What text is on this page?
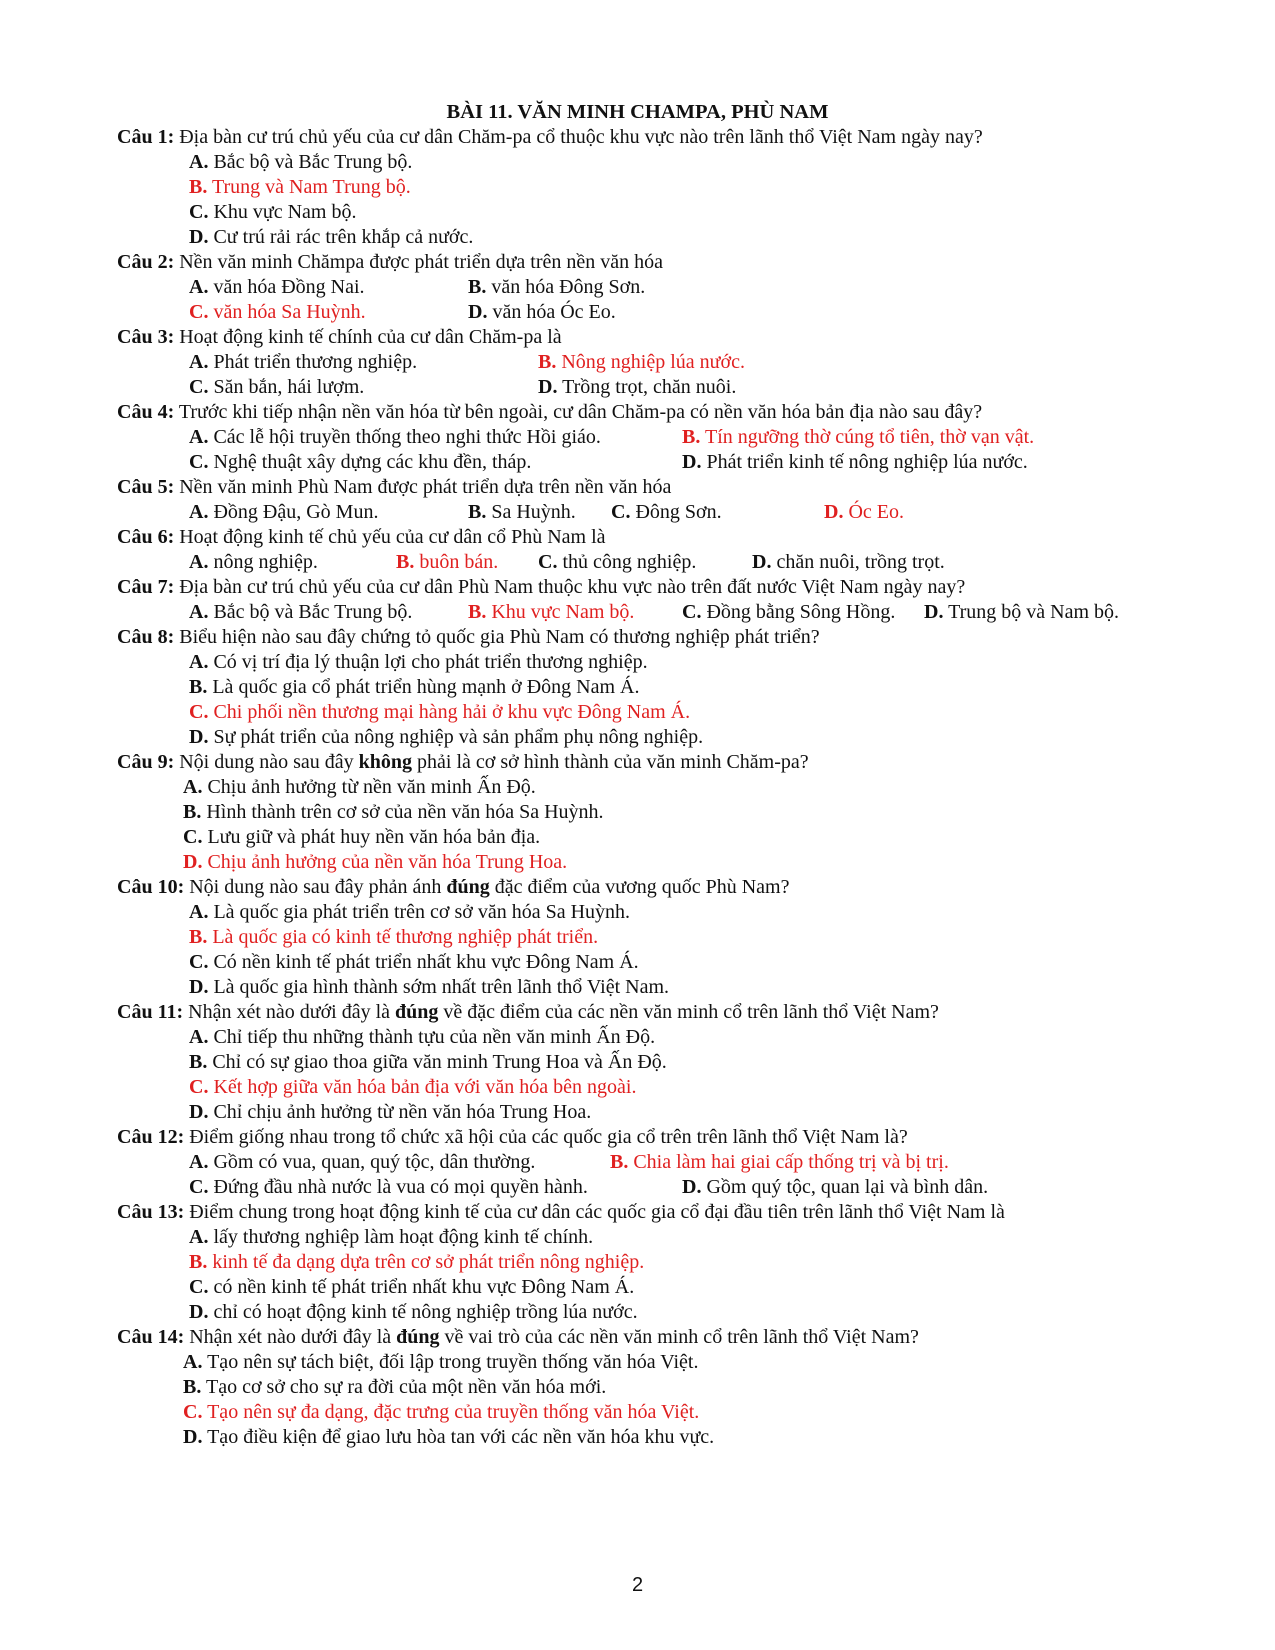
BÀI 11. VĂN MINH CHAMPA, PHÙ NAM
Câu 1: Địa bàn cư trú chủ yếu của cư dân Chăm-pa cổ thuộc khu vực nào trên lãnh thổ Việt Nam ngày nay?
A. Bắc bộ và Bắc Trung bộ.
B. Trung và Nam Trung bộ.
C. Khu vực Nam bộ.
D. Cư trú rải rác trên khắp cả nước.
Câu 2: Nền văn minh Chămpa được phát triển dựa trên nền văn hóa
A. văn hóa Đồng Nai.	B. văn hóa Đông Sơn.
C. văn hóa Sa Huỳnh.	D. văn hóa Óc Eo.
Câu 3: Hoạt động kinh tế chính của cư dân Chăm-pa là
A. Phát triển thương nghiệp.	B. Nông nghiệp lúa nước.
C. Săn bắn, hái lượm.	D. Trồng trọt, chăn nuôi.
Câu 4: Trước khi tiếp nhận nền văn hóa từ bên ngoài, cư dân Chăm-pa có nền văn hóa bản địa nào sau đây?
A. Các lễ hội truyền thống theo nghi thức Hồi giáo.	B. Tín ngưỡng thờ cúng tổ tiên, thờ vạn vật.
C. Nghệ thuật xây dựng các khu đền, tháp.	D. Phát triển kinh tế nông nghiệp lúa nước.
Câu 5: Nền văn minh Phù Nam được phát triển dựa trên nền văn hóa
A. Đồng Đậu, Gò Mun.	B. Sa Huỳnh. C. Đông Sơn.	D. Óc Eo.
Câu 6: Hoạt động kinh tế chủ yếu của cư dân cổ Phù Nam là
A. nông nghiệp.	B. buôn bán. C. thủ công nghiệp.	D. chăn nuôi, trồng trọt.
Câu 7: Địa bàn cư trú chủ yếu của cư dân Phù Nam thuộc khu vực nào trên đất nước Việt Nam ngày nay?
A. Bắc bộ và Bắc Trung bộ.	B. Khu vực Nam bộ. C. Đồng bằng Sông Hồng. D. Trung bộ và Nam bộ.
Câu 8: Biểu hiện nào sau đây chứng tỏ quốc gia Phù Nam có thương nghiệp phát triển?
A. Có vị trí địa lý thuận lợi cho phát triển thương nghiệp.
B. Là quốc gia cổ phát triển hùng mạnh ở Đông Nam Á.
C. Chi phối nền thương mại hàng hải ở khu vực Đông Nam Á.
D. Sự phát triển của nông nghiệp và sản phẩm phụ nông nghiệp.
Câu 9: Nội dung nào sau đây không phải là cơ sở hình thành của văn minh Chăm-pa?
A. Chịu ảnh hưởng từ nền văn minh Ấn Độ.
B. Hình thành trên cơ sở của nền văn hóa Sa Huỳnh.
C. Lưu giữ và phát huy nền văn hóa bản địa.
D. Chịu ảnh hưởng của nền văn hóa Trung Hoa.
Câu 10: Nội dung nào sau đây phản ánh đúng đặc điểm của vương quốc Phù Nam?
A. Là quốc gia phát triển trên cơ sở văn hóa Sa Huỳnh.
B. Là quốc gia có kinh tế thương nghiệp phát triển.
C. Có nền kinh tế phát triển nhất khu vực Đông Nam Á.
D. Là quốc gia hình thành sớm nhất trên lãnh thổ Việt Nam.
Câu 11: Nhận xét nào dưới đây là đúng về đặc điểm của các nền văn minh cổ trên lãnh thổ Việt Nam?
A. Chỉ tiếp thu những thành tựu của nền văn minh Ấn Độ.
B. Chỉ có sự giao thoa giữa văn minh Trung Hoa và Ấn Độ.
C. Kết hợp giữa văn hóa bản địa với văn hóa bên ngoài.
D. Chỉ chịu ảnh hưởng từ nền văn hóa Trung Hoa.
Câu 12: Điểm giống nhau trong tổ chức xã hội của các quốc gia cổ trên trên lãnh thổ Việt Nam là?
A. Gồm có vua, quan, quý tộc, dân thường.	B. Chia làm hai giai cấp thống trị và bị trị.
C. Đứng đầu nhà nước là vua có mọi quyền hành.	D. Gồm quý tộc, quan lại và bình dân.
Câu 13: Điểm chung trong hoạt động kinh tế của cư dân các quốc gia cổ đại đầu tiên trên lãnh thổ Việt Nam là
A. lấy thương nghiệp làm hoạt động kinh tế chính.
B. kinh tế đa dạng dựa trên cơ sở phát triển nông nghiệp.
C. có nền kinh tế phát triển nhất khu vực Đông Nam Á.
D. chỉ có hoạt động kinh tế nông nghiệp trồng lúa nước.
Câu 14: Nhận xét nào dưới đây là đúng về vai trò của các nền văn minh cổ trên lãnh thổ Việt Nam?
A. Tạo nên sự tách biệt, đối lập trong truyền thống văn hóa Việt.
B. Tạo cơ sở cho sự ra đời của một nền văn hóa mới.
C. Tạo nên sự đa dạng, đặc trưng của truyền thống văn hóa Việt.
D. Tạo điều kiện để giao lưu hòa tan với các nền văn hóa khu vực.
2
